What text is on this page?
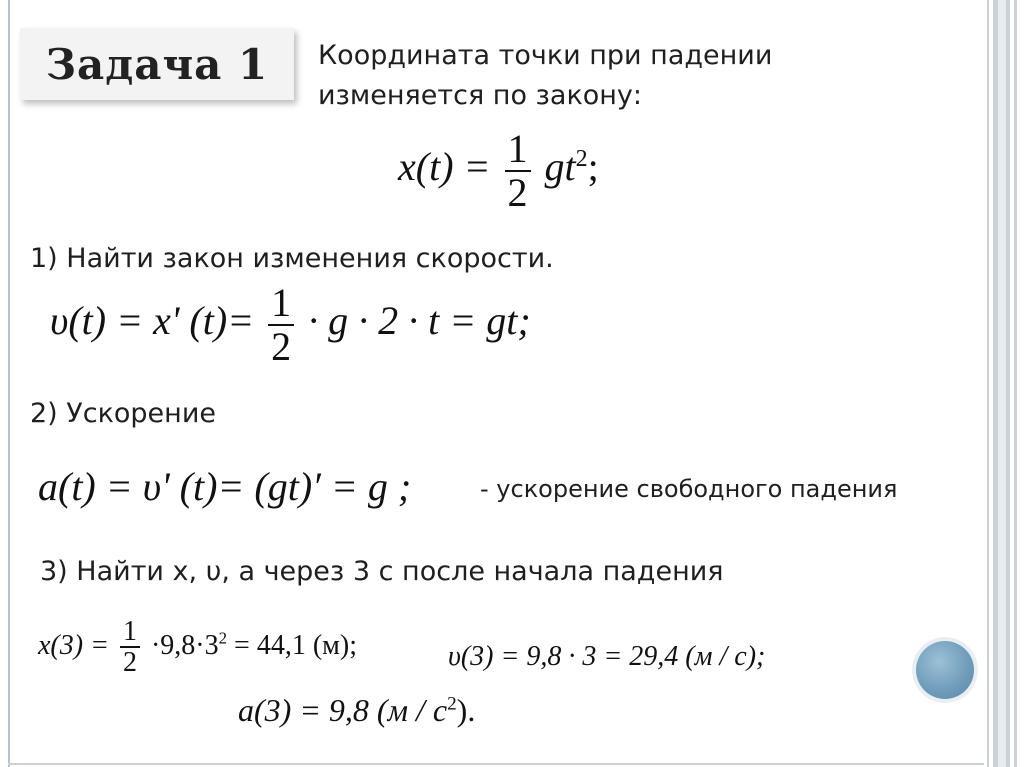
Задача 1 Координата точки при падении
изменяется по закону:
$x(t) = \frac{1}{2} gt^2$;
1) Найти закон изменения скорости.
υ(t) = x' $(t)= \frac{1}{2} \cdot g \cdot 2 \cdot t$ = gt;
2) Ускорение
a(t) = υ' (t)= (gt)′ = g ;	- ускорение свободного падения
3) Найти x, υ, a через 3 с после начала падения
$x(3) = \frac{1}{2} \cdot 9,8\cdot 3^2 = 44,1$ (м);	υ(3) = 9,8 · 3 = 29,4 (м / с);
a(3) = 9,8 $(м / с^2)$.
